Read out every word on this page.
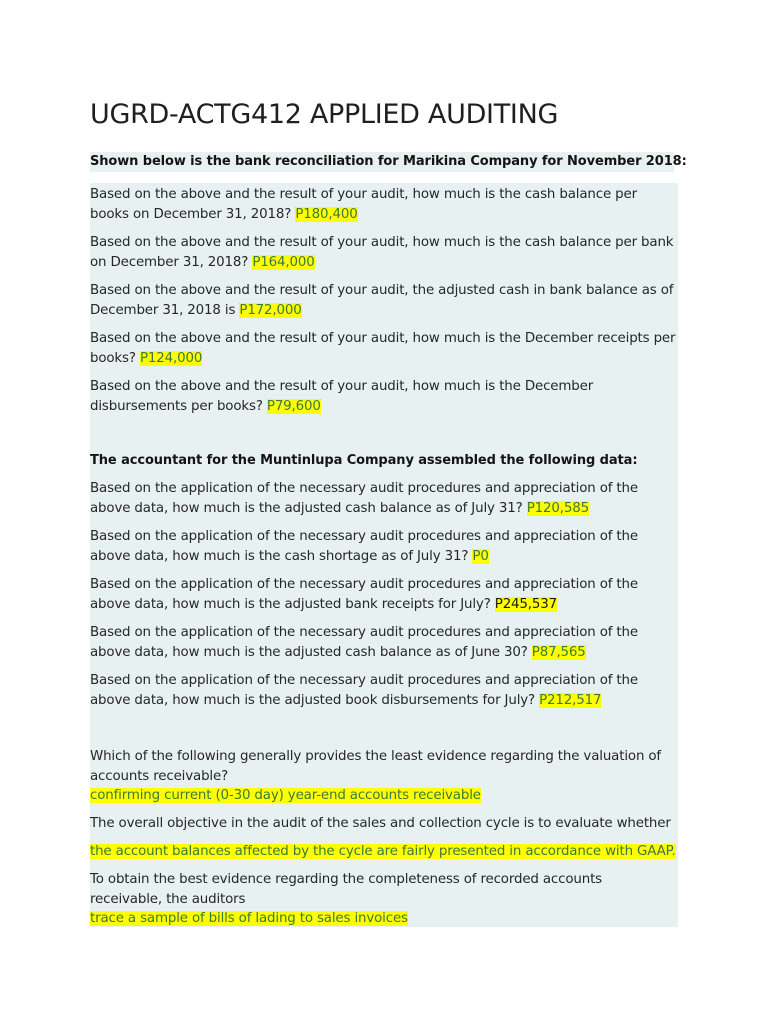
UGRD-ACTG412 APPLIED AUDITING
Shown below is the bank reconciliation for Marikina Company for November 2018:

Based on the above and the result of your audit, how much is the cash balance per books on December 31, 2018? P180,400

Based on the above and the result of your audit, how much is the cash balance per bank on December 31, 2018? P164,000

Based on the above and the result of your audit, the adjusted cash in bank balance as of December 31, 2018 is P172,000

Based on the above and the result of your audit, how much is the December receipts per books? P124,000

Based on the above and the result of your audit, how much is the December disbursements per books? P79,600

The accountant for the Muntinlupa Company assembled the following data:

Based on the application of the necessary audit procedures and appreciation of the above data, how much is the adjusted cash balance as of July 31? P120,585

Based on the application of the necessary audit procedures and appreciation of the above data, how much is the cash shortage as of July 31? P0

Based on the application of the necessary audit procedures and appreciation of the above data, how much is the adjusted bank receipts for July? P245,537

Based on the application of the necessary audit procedures and appreciation of the above data, how much is the adjusted cash balance as of June 30? P87,565

Based on the application of the necessary audit procedures and appreciation of the above data, how much is the adjusted book disbursements for July? P212,517

Which of the following generally provides the least evidence regarding the valuation of accounts receivable?

confirming current (0-30 day) year-end accounts receivable

The overall objective in the audit of the sales and collection cycle is to evaluate whether

the account balances affected by the cycle are fairly presented in accordance with GAAP.

To obtain the best evidence regarding the completeness of recorded accounts receivable, the auditors

trace a sample of bills of lading to sales invoices
